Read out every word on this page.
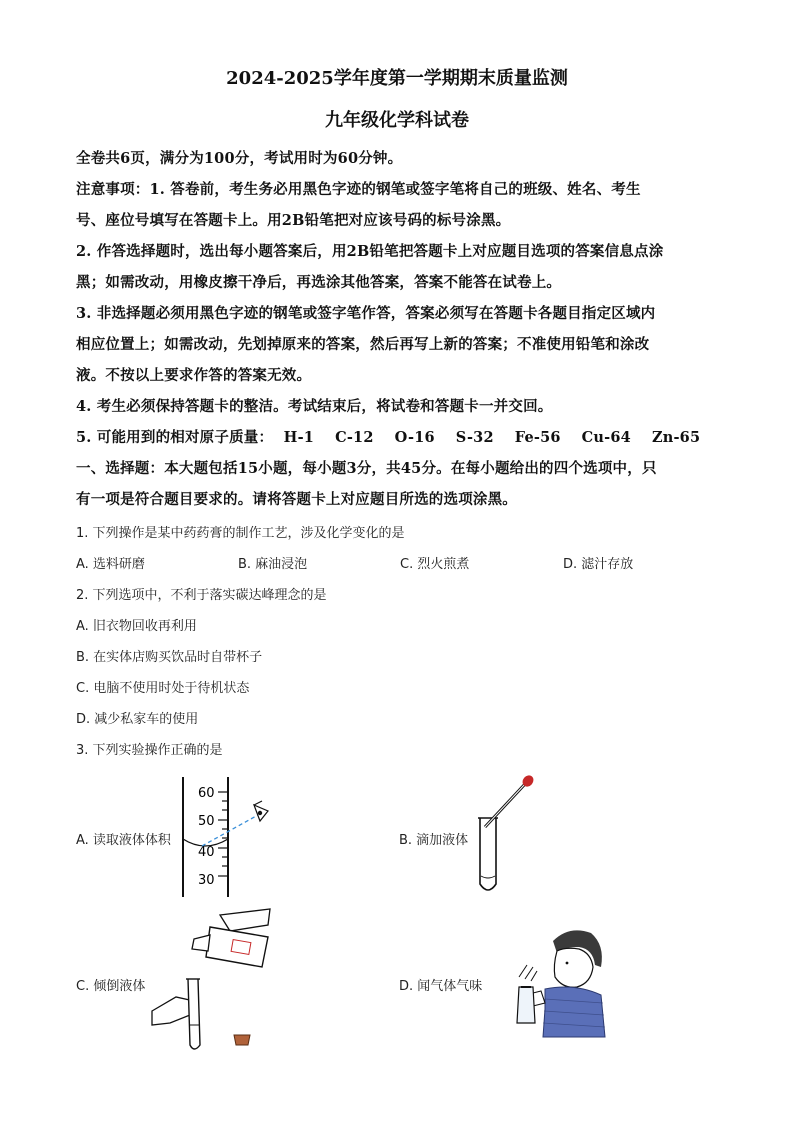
2024-2025学年度第一学期期末质量监测
九年级化学科试卷
全卷共6页，满分为100分，考试用时为60分钟。
注意事项：1. 答卷前，考生务必用黑色字迹的钢笔或签字笔将自己的班级、姓名、考生
号、座位号填写在答题卡上。用2B铅笔把对应该号码的标号涂黑。
2. 作答选择题时，选出每小题答案后，用2B铅笔把答题卡上对应题目选项的答案信息点涂
黑；如需改动，用橡皮擦干净后，再选涂其他答案，答案不能答在试卷上。
3. 非选择题必须用黑色字迹的钢笔或签字笔作答，答案必须写在答题卡各题目指定区域内
相应位置上；如需改动，先划掉原来的答案，然后再写上新的答案；不准使用铅笔和涂改
液。不按以上要求作答的答案无效。
4. 考生必须保持答题卡的整洁。考试结束后，将试卷和答题卡一并交回。
5. 可能用到的相对原子质量：  H-1    C-12    O-16    S-32    Fe-56    Cu-64    Zn-65
一、选择题：本大题包括15小题，每小题3分，共45分。在每小题给出的四个选项中，只
有一项是符合题目要求的。请将答题卡上对应题目所选的选项涂黑。
1. 下列操作是某中药药膏的制作工艺，涉及化学变化的是
A. 选料研磨	B. 麻油浸泡	C. 烈火煎煮	D. 滤汁存放
2. 下列选项中，不利于落实碳达峰理念的是
A. 旧衣物回收再利用
B. 在实体店购买饮品时自带杯子
C. 电脑不使用时处于待机状态
D. 减少私家车的使用
3. 下列实验操作正确的是
A. 读取液体体积
60
50
40
30
B. 滴加液体
C. 倾倒液体	D. 闻气体气味
